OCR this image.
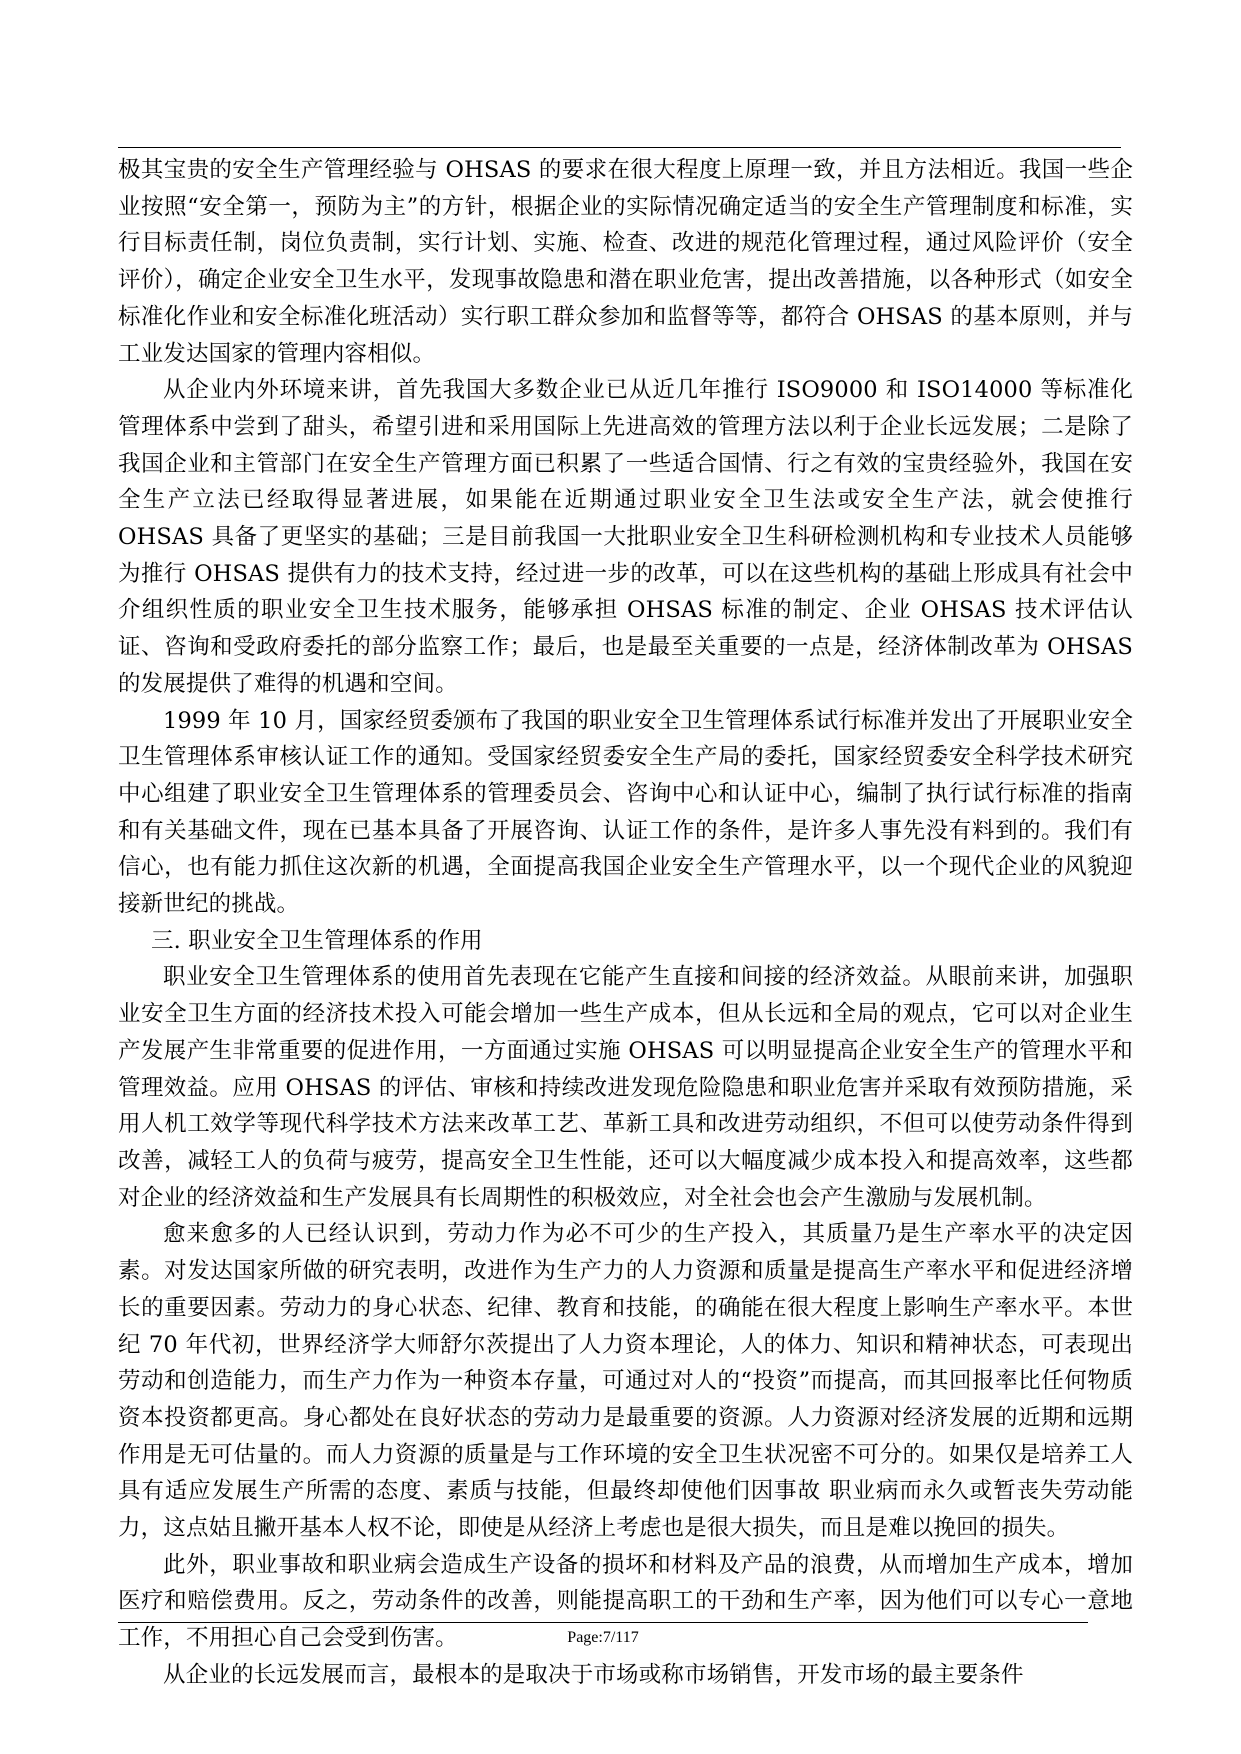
极其宝贵的安全生产管理经验与 OHSAS 的要求在很大程度上原理一致，并且方法相近。我国一些企业按照“安全第一，预防为主”的方针，根据企业的实际情况确定适当的安全生产管理制度和标准，实行目标责任制，岗位负责制，实行计划、实施、检查、改进的规范化管理过程，通过风险评价（安全评价），确定企业安全卫生水平，发现事故隐患和潜在职业危害，提出改善措施，以各种形式（如安全标准化作业和安全标准化班活动）实行职工群众参加和监督等等，都符合 OHSAS 的基本原则，并与工业发达国家的管理内容相似。

从企业内外环境来讲，首先我国大多数企业已从近几年推行 ISO9000 和 ISO14000 等标准化管理体系中尝到了甜头，希望引进和采用国际上先进高效的管理方法以利于企业长远发展；二是除了我国企业和主管部门在安全生产管理方面已积累了一些适合国情、行之有效的宝贵经验外，我国在安全生产立法已经取得显著进展，如果能在近期通过职业安全卫生法或安全生产法，就会使推行 OHSAS 具备了更坚实的基础；三是目前我国一大批职业安全卫生科研检测机构和专业技术人员能够为推行 OHSAS 提供有力的技术支持，经过进一步的改革，可以在这些机构的基础上形成具有社会中介组织性质的职业安全卫生技术服务，能够承担 OHSAS 标准的制定、企业 OHSAS 技术评估认证、咨询和受政府委托的部分监察工作；最后，也是最至关重要的一点是，经济体制改革为 OHSAS 的发展提供了难得的机遇和空间。

1999 年 10 月，国家经贸委颁布了我国的职业安全卫生管理体系试行标准并发出了开展职业安全卫生管理体系审核认证工作的通知。受国家经贸委安全生产局的委托，国家经贸委安全科学技术研究中心组建了职业安全卫生管理体系的管理委员会、咨询中心和认证中心，编制了执行试行标准的指南和有关基础文件，现在已基本具备了开展咨询、认证工作的条件，是许多人事先没有料到的。我们有信心，也有能力抓住这次新的机遇，全面提高我国企业安全生产管理水平，以一个现代企业的风貌迎接新世纪的挑战。

三. 职业安全卫生管理体系的作用

职业安全卫生管理体系的使用首先表现在它能产生直接和间接的经济效益。从眼前来讲，加强职业安全卫生方面的经济技术投入可能会增加一些生产成本，但从长远和全局的观点，它可以对企业生产发展产生非常重要的促进作用，一方面通过实施 OHSAS 可以明显提高企业安全生产的管理水平和管理效益。应用 OHSAS 的评估、审核和持续改进发现危险隐患和职业危害并采取有效预防措施，采用人机工效学等现代科学技术方法来改革工艺、革新工具和改进劳动组织，不但可以使劳动条件得到改善，减轻工人的负荷与疲劳，提高安全卫生性能，还可以大幅度减少成本投入和提高效率，这些都对企业的经济效益和生产发展具有长周期性的积极效应，对全社会也会产生激励与发展机制。

愈来愈多的人已经认识到，劳动力作为必不可少的生产投入，其质量乃是生产率水平的决定因素。对发达国家所做的研究表明，改进作为生产力的人力资源和质量是提高生产率水平和促进经济增长的重要因素。劳动力的身心状态、纪律、教育和技能，的确能在很大程度上影响生产率水平。本世纪 70 年代初，世界经济学大师舒尔茨提出了人力资本理论，人的体力、知识和精神状态，可表现出劳动和创造能力，而生产力作为一种资本存量，可通过对人的“投资”而提高，而其回报率比任何物质资本投资都更高。身心都处在良好状态的劳动力是最重要的资源。人力资源对经济发展的近期和远期作用是无可估量的。而人力资源的质量是与工作环境的安全卫生状况密不可分的。如果仅是培养工人具有适应发展生产所需的态度、素质与技能，但最终却使他们因事故 职业病而永久或暂丧失劳动能力，这点姑且撇开基本人权不论，即使是从经济上考虑也是很大损失，而且是难以挽回的损失。

此外，职业事故和职业病会造成生产设备的损坏和材料及产品的浪费，从而增加生产成本，增加医疗和赔偿费用。反之，劳动条件的改善，则能提高职工的干劲和生产率，因为他们可以专心一意地工作，不用担心自己会受到伤害。

从企业的长远发展而言，最根本的是取决于市场或称市场销售，开发市场的最主要条件

Page:7/117
